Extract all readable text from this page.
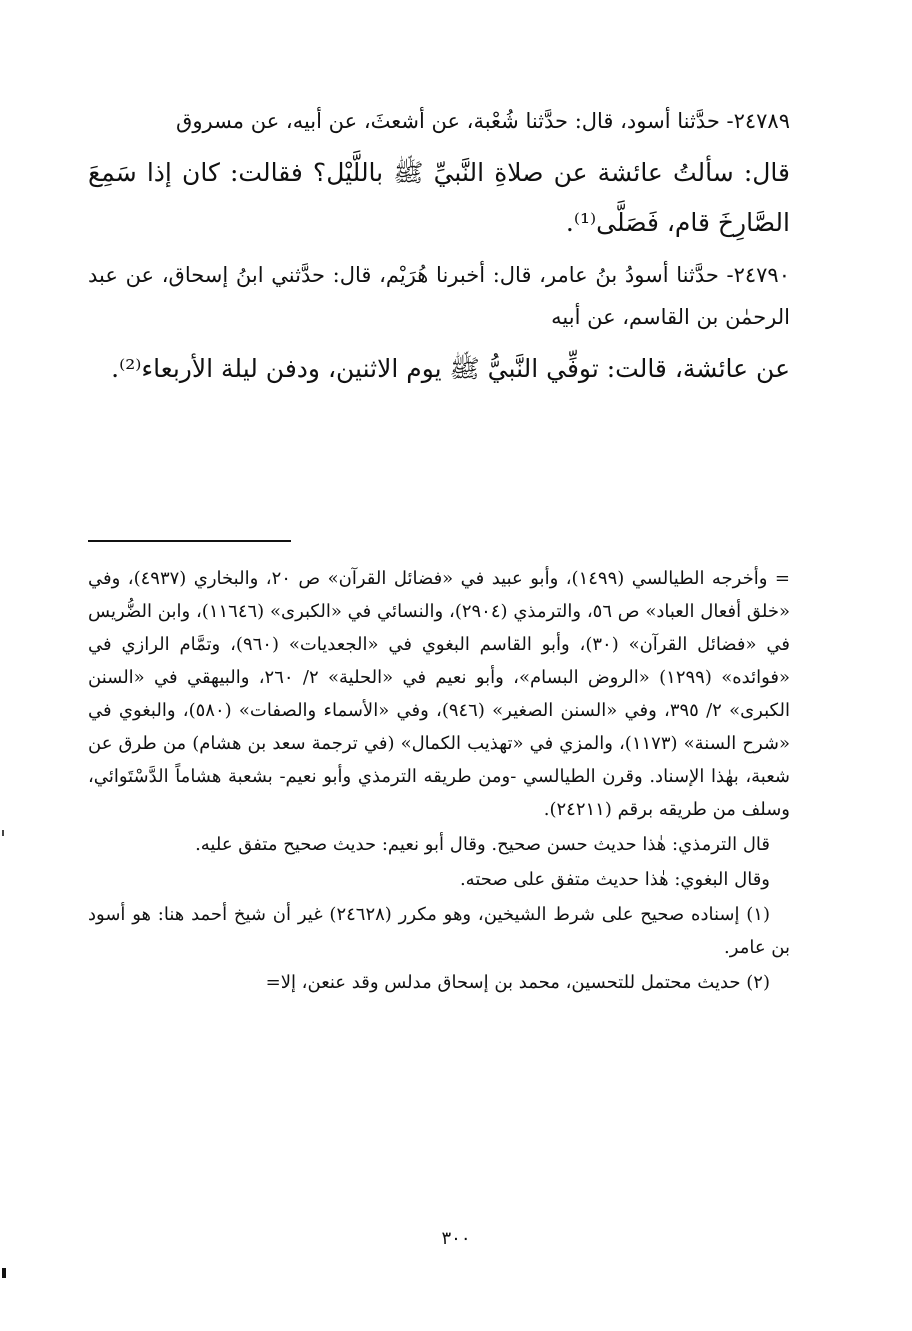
٢٤٧٨٩- حدَّثنا أسود، قال: حدَّثنا شُعْبة، عن أشعثَ، عن أبيه، عن مسروق

قال: سألتُ عائشة عن صلاةِ النَّبيِّ ﷺ باللَّيْل؟ فقالت: كان إذا سَمِعَ الصَّارِخَ قام، فَصَلَّى⁽¹⁾.

٢٤٧٩٠- حدَّثنا أسودُ بنُ عامر، قال: أخبرنا هُرَيْم، قال: حدَّثني ابنُ إسحاق، عن عبد الرحمٰن بن القاسم، عن أبيه

عن عائشة، قالت: توفِّي النَّبيُّ ﷺ يوم الاثنين، ودفن ليلة الأربعاء⁽²⁾.

= وأخرجه الطيالسي (١٤٩٩)، وأبو عبيد في «فضائل القرآن» ص ٢٠، والبخاري (٤٩٣٧)، وفي «خلق أفعال العباد» ص ٥٦، والترمذي (٢٩٠٤)، والنسائي في «الكبرى» (١١٦٤٦)، وابن الضُّريس في «فضائل القرآن» (٣٠)، وأبو القاسم البغوي في «الجعديات» (٩٦٠)، وتمَّام الرازي في «فوائده» (١٢٩٩) «الروض البسام»، وأبو نعيم في «الحلية» ٢/ ٢٦٠، والبيهقي في «السنن الكبرى» ٢/ ٣٩٥، وفي «السنن الصغير» (٩٤٦)، وفي «الأسماء والصفات» (٥٨٠)، والبغوي في «شرح السنة» (١١٧٣)، والمزي في «تهذيب الكمال» (في ترجمة سعد بن هشام) من طرق عن شعبة، بهٰذا الإسناد. وقرن الطيالسي -ومن طريقه الترمذي وأبو نعيم- بشعبة هشاماً الدَّسْتَوائي، وسلف من طريقه برقم (٢٤٢١١).

قال الترمذي: هٰذا حديث حسن صحيح. وقال أبو نعيم: حديث صحيح متفق عليه.

وقال البغوي: هٰذا حديث متفق على صحته.

(١) إسناده صحيح على شرط الشيخين، وهو مكرر (٢٤٦٢٨) غير أن شيخ أحمد هنا: هو أسود بن عامر.

(٢) حديث محتمل للتحسين، محمد بن إسحاق مدلس وقد عنعن، إلا=

٣٠٠
